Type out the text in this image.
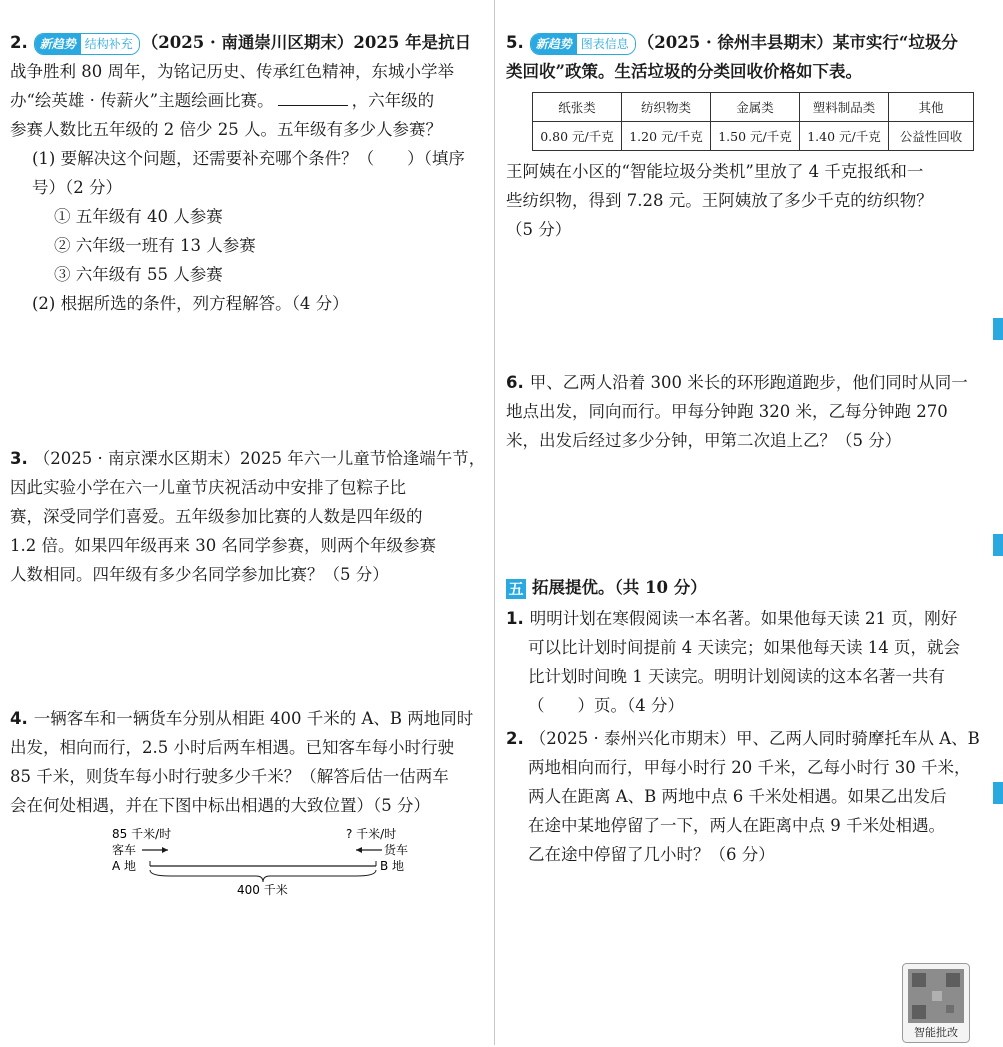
2. 新趋势 结构补充 （2025 · 南通崇川区期末）2025 年是抗日

战争胜利 80 周年，为铭记历史、传承红色精神，东城小学举

办“绘英雄 · 传薪火”主题绘画比赛。	，六年级的

参赛人数比五年级的 2 倍少 25 人。五年级有多少人参赛？

(1) 要解决这个问题，还需要补充哪个条件？（　　）（填序

号）（2 分）

① 五年级有 40 人参赛

② 六年级一班有 13 人参赛

③ 六年级有 55 人参赛

(2) 根据所选的条件，列方程解答。（4 分）

3. （2025 · 南京溧水区期末）2025 年六一儿童节恰逢端午节，

因此实验小学在六一儿童节庆祝活动中安排了包粽子比

赛，深受同学们喜爱。五年级参加比赛的人数是四年级的

1.2 倍。如果四年级再来 30 名同学参赛，则两个年级参赛

人数相同。四年级有多少名同学参加比赛？（5 分）

4. 一辆客车和一辆货车分别从相距 400 千米的 A、B 两地同时

出发，相向而行，2.5 小时后两车相遇。已知客车每小时行驶

85 千米，则货车每小时行驶多少千米？（解答后估一估两车

会在何处相遇，并在下图中标出相遇的大致位置）（5 分）

85 千米/时
客车
A 地
? 千米/时
货车
B 地
400 千米

5. 新趋势 图表信息 （2025 · 徐州丰县期末）某市实行“垃圾分

类回收”政策。生活垃圾的分类回收价格如下表。

纸张类	纺织物类	金属类	塑料制品类	其他
0.80 元/千克	1.20 元/千克	1.50 元/千克	1.40 元/千克	公益性回收

王阿姨在小区的“智能垃圾分类机”里放了 4 千克报纸和一

些纺织物，得到 7.28 元。王阿姨放了多少千克的纺织物？

（5 分）

6. 甲、乙两人沿着 300 米长的环形跑道跑步，他们同时从同一

地点出发，同向而行。甲每分钟跑 320 米，乙每分钟跑 270

米，出发后经过多少分钟，甲第二次追上乙？（5 分）

五 拓展提优。（共 10 分）

1. 明明计划在寒假阅读一本名著。如果他每天读 21 页，刚好

可以比计划时间提前 4 天读完；如果他每天读 14 页，就会

比计划时间晚 1 天读完。明明计划阅读的这本名著一共有

（　　）页。（4 分）

2. （2025 · 泰州兴化市期末）甲、乙两人同时骑摩托车从 A、B

两地相向而行，甲每小时行 20 千米，乙每小时行 30 千米，

两人在距离 A、B 两地中点 6 千米处相遇。如果乙出发后

在途中某地停留了一下，两人在距离中点 9 千米处相遇。

乙在途中停留了几小时？（6 分）

智能批改
